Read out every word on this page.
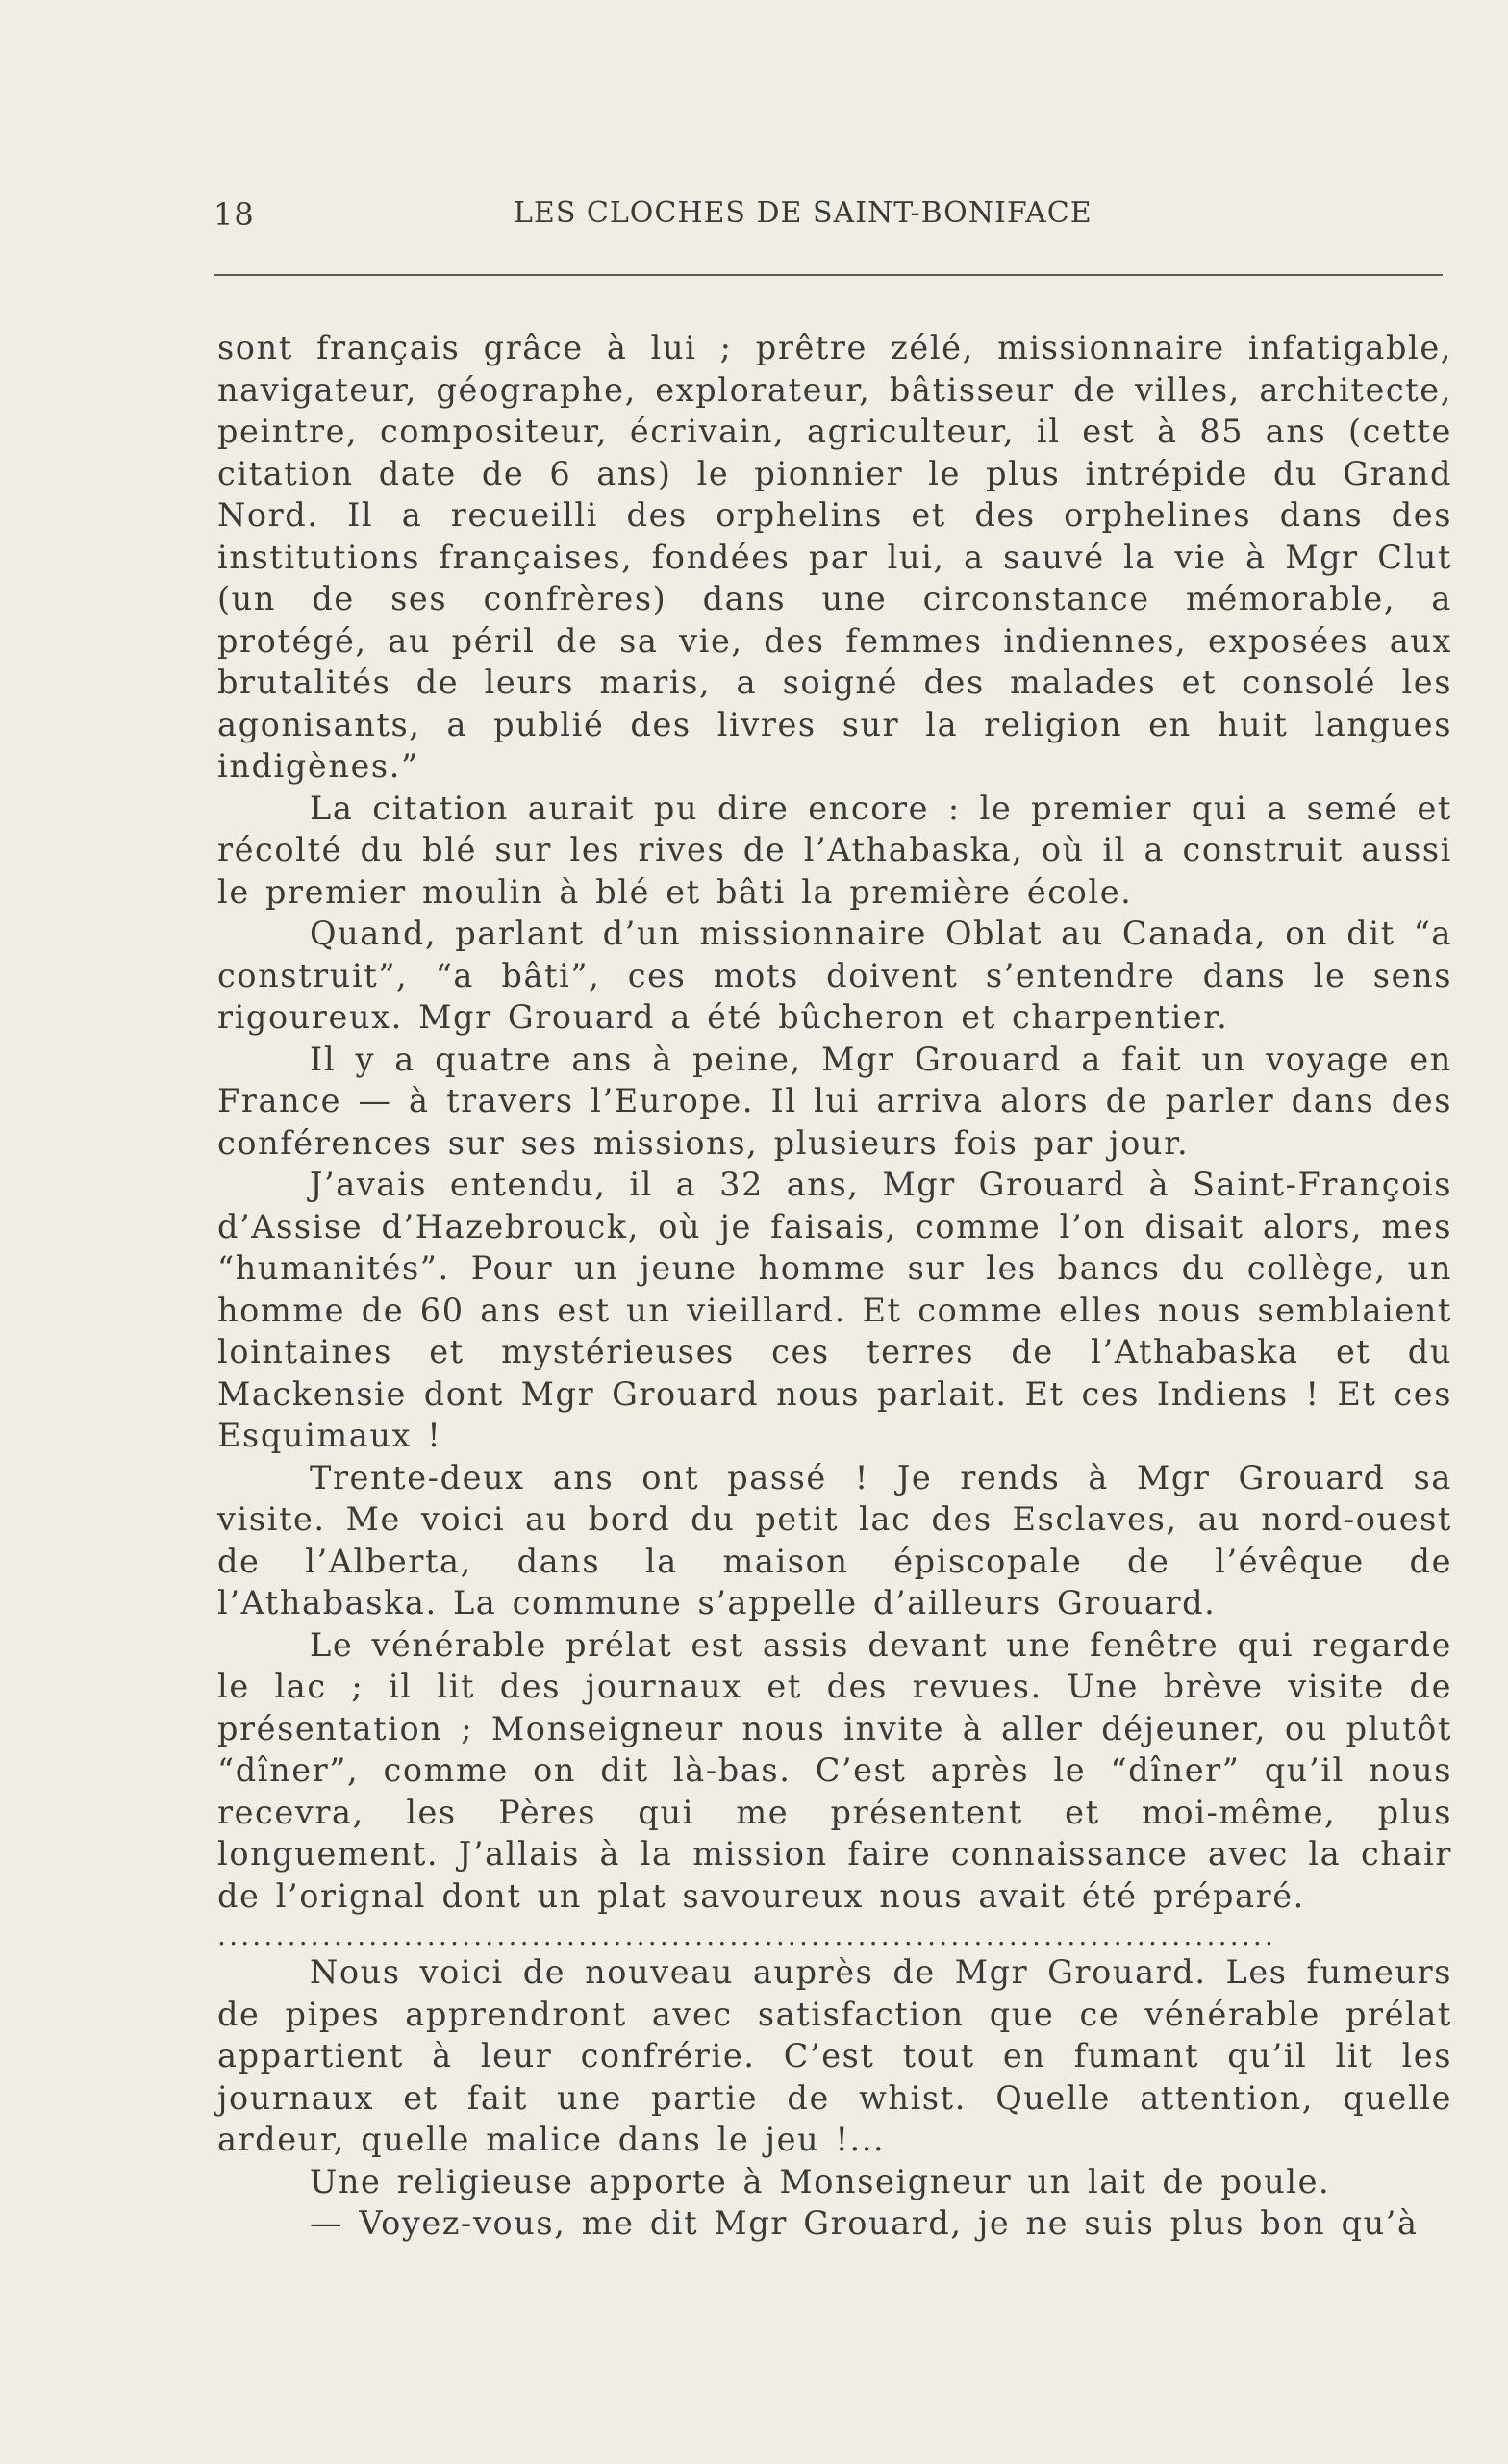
18	LES CLOCHES DE SAINT-BONIFACE

sont français grâce à lui ; prêtre zélé, missionnaire infatigable, navigateur, géographe, explorateur, bâtisseur de villes, architecte, peintre, compositeur, écrivain, agriculteur, il est à 85 ans (cette citation date de 6 ans) le pionnier le plus intrépide du Grand Nord. Il a recueilli des orphelins et des orphelines dans des institutions françaises, fondées par lui, a sauvé la vie à Mgr Clut (un de ses confrères) dans une circonstance mémorable, a protégé, au péril de sa vie, des femmes indiennes, exposées aux brutalités de leurs maris, a soigné des malades et consolé les agonisants, a publié des livres sur la religion en huit langues indigènes.”

La citation aurait pu dire encore : le premier qui a semé et récolté du blé sur les rives de l’Athabaska, où il a construit aussi le premier moulin à blé et bâti la première école.

Quand, parlant d’un missionnaire Oblat au Canada, on dit “a construit”, “a bâti”, ces mots doivent s’entendre dans le sens rigoureux. Mgr Grouard a été bûcheron et charpentier.

Il y a quatre ans à peine, Mgr Grouard a fait un voyage en France — à travers l’Europe. Il lui arriva alors de parler dans des conférences sur ses missions, plusieurs fois par jour.

J’avais entendu, il a 32 ans, Mgr Grouard à Saint-François d’Assise d’Hazebrouck, où je faisais, comme l’on disait alors, mes “humanités”. Pour un jeune homme sur les bancs du collège, un homme de 60 ans est un vieillard. Et comme elles nous semblaient lointaines et mystérieuses ces terres de l’Athabaska et du Mackensie dont Mgr Grouard nous parlait. Et ces Indiens ! Et ces Esquimaux !

Trente-deux ans ont passé ! Je rends à Mgr Grouard sa visite. Me voici au bord du petit lac des Esclaves, au nord-ouest de l’Alberta, dans la maison épiscopale de l’évêque de l’Athabaska. La commune s’appelle d’ailleurs Grouard.

Le vénérable prélat est assis devant une fenêtre qui regarde le lac ; il lit des journaux et des revues. Une brève visite de présentation ; Monseigneur nous invite à aller déjeuner, ou plutôt “dîner”, comme on dit là-bas. C’est après le “dîner” qu’il nous recevra, les Pères qui me présentent et moi-même, plus longuement. J’allais à la mission faire connaissance avec la chair de l’orignal dont un plat savoureux nous avait été préparé.

...........................................................................................

Nous voici de nouveau auprès de Mgr Grouard. Les fumeurs de pipes apprendront avec satisfaction que ce vénérable prélat appartient à leur confrérie. C’est tout en fumant qu’il lit les journaux et fait une partie de whist. Quelle attention, quelle ardeur, quelle malice dans le jeu !...

Une religieuse apporte à Monseigneur un lait de poule.

— Voyez-vous, me dit Mgr Grouard, je ne suis plus bon qu’à
